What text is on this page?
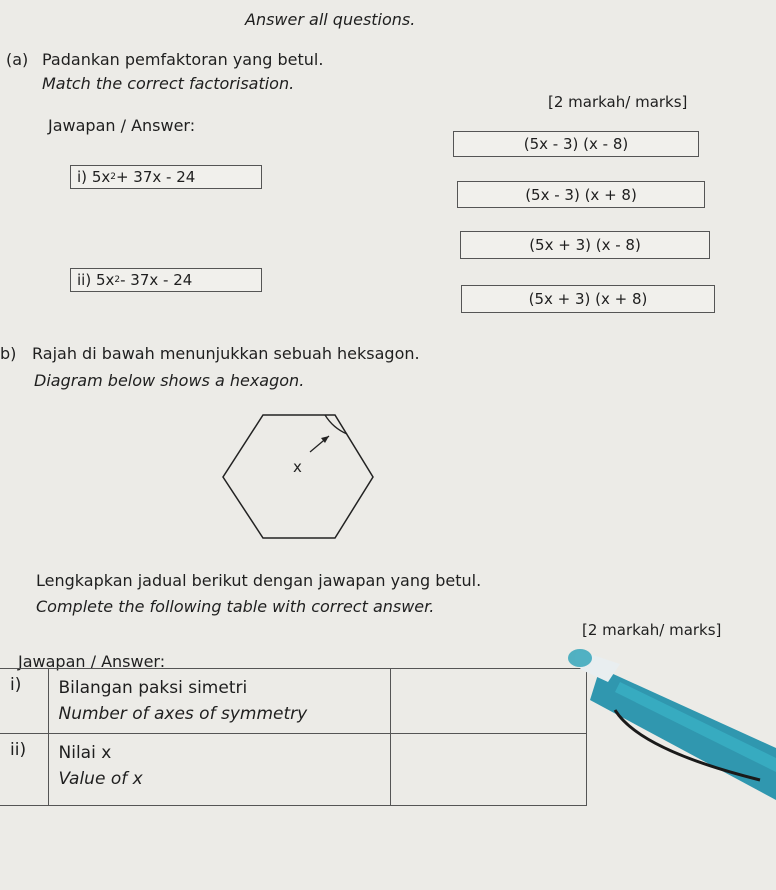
Answer all questions.
(a) Padankan pemfaktoran yang betul.
Match the correct factorisation.
[2 markah/ marks]
Jawapan / Answer:
i)
5x 2 + 37x - 24
ii)
5x 2 - 37x - 24
(5x - 3) (x - 8)
(5x - 3) (x + 8)
(5x + 3) (x - 8)
(5x + 3) (x + 8)
b) Rajah di bawah menunjukkan sebuah heksagon.
Diagram below shows a hexagon.
x
Lengkapkan jadual berikut dengan jawapan yang betul.
Complete the following table with correct answer.
[2 markah/ marks]
Jawapan / Answer:
i)	Bilangan paksi simetri
Number of axes of symmetry	

ii)	Nilai x
Value of x	
